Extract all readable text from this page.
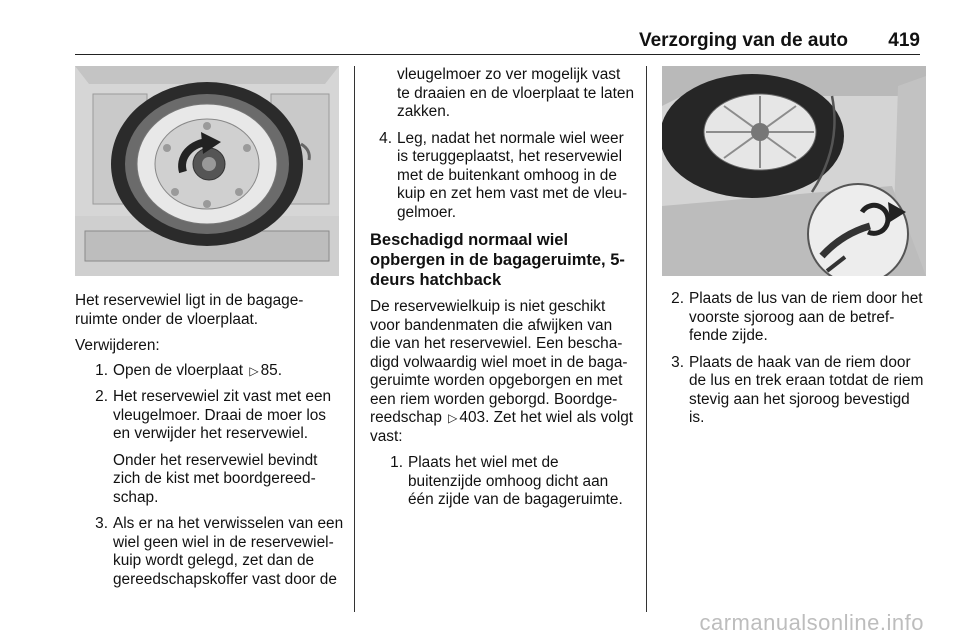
Verzorging van de auto 419

Het reservewiel ligt in de bagage-ruimte onder de vloerplaat.

Verwijderen:

1. Open de vloerplaat ▷ 85.
2. Het reservewiel zit vast met een vleugelmoer. Draai de moer los en verwijder het reservewiel.

Onder het reservewiel bevindt zich de kist met boordgereed-schap.

3. Als er na het verwisselen van een wiel geen wiel in de reservewiel-kuip wordt gelegd, zet dan de gereedschapskoffer vast door de

vleugelmoer zo ver mogelijk vast te draaien en de vloerplaat te laten zakken.

4. Leg, nadat het normale wiel weer is teruggeplaatst, het reservewiel met de buitenkant omhoog in de kuip en zet hem vast met de vleu-gelmoer.

Beschadigd normaal wiel opbergen in de bagageruimte, 5-deurs hatchback

De reservewielkuip is niet geschikt voor bandenmaten die afwijken van die van het reservewiel. Een bescha-digd volwaardig wiel moet in de baga-geruimte worden opgeborgen en met een riem worden geborgd. Boordge-reedschap ▷ 403. Zet het wiel als volgt vast:

1. Plaats het wiel met de buitenzijde omhoog dicht aan één zijde van de bagageruimte.
2. Plaats de lus van de riem door het voorste sjoroog aan de betref-fende zijde.
3. Plaats de haak van de riem door de lus en trek eraan totdat de riem stevig aan het sjoroog bevestigd is.
carmanualsonline.info
